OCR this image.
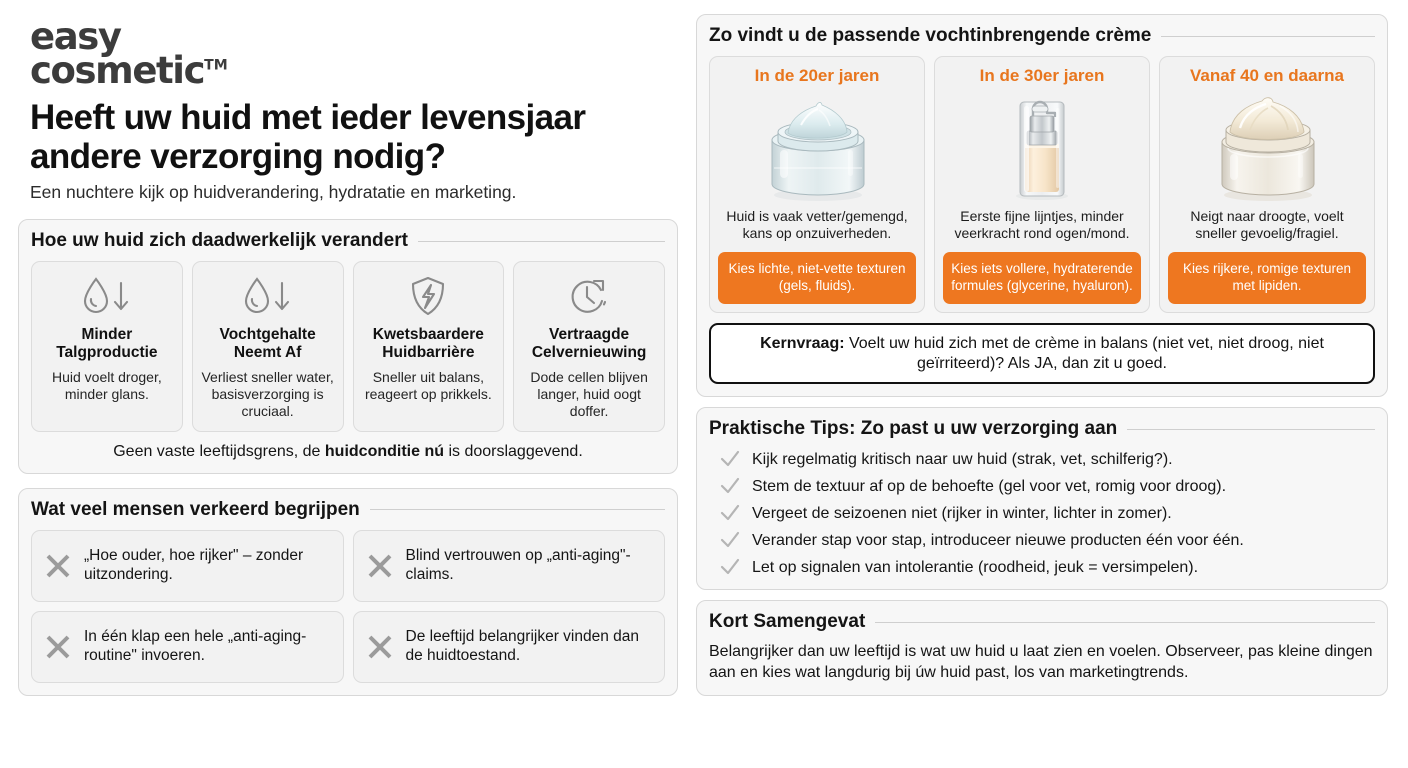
easy
cosmetic™
Heeft uw huid met ieder levensjaar andere verzorging nodig?
Een nuchtere kijk op huidverandering, hydratatie en marketing.
Hoe uw huid zich daadwerkelijk verandert
Minder Talgproductie
Huid voelt droger, minder glans.
Vochtgehalte Neemt Af
Verliest sneller water, basisverzorging is cruciaal.
Kwetsbaardere Huidbarrière
Sneller uit balans, reageert op prikkels.
Vertraagde Celvernieuwing
Dode cellen blijven langer, huid oogt doffer.
Geen vaste leeftijdsgrens, de huidconditie nú is doorslaggevend.
Wat veel mensen verkeerd begrijpen
„Hoe ouder, hoe rijker" – zonder uitzondering.
Blind vertrouwen op „anti-aging"-claims.
In één klap een hele „anti-aging-routine" invoeren.
De leeftijd belangrijker vinden dan de huidtoestand.
Zo vindt u de passende vochtinbrengende crème
In de 20er jaren
Huid is vaak vetter/gemengd, kans op onzuiverheden.
Kies lichte, niet-vette texturen (gels, fluids).
In de 30er jaren
Eerste fijne lijntjes, minder veerkracht rond ogen/mond.
Kies iets vollere, hydraterende formules (glycerine, hyaluron).
Vanaf 40 en daarna
Neigt naar droogte, voelt sneller gevoelig/fragiel.
Kies rijkere, romige texturen met lipiden.
Kernvraag: Voelt uw huid zich met de crème in balans (niet vet, niet droog, niet geïrriteerd)? Als JA, dan zit u goed.
Praktische Tips: Zo past u uw verzorging aan
Kijk regelmatig kritisch naar uw huid (strak, vet, schilferig?).
Stem de textuur af op de behoefte (gel voor vet, romig voor droog).
Vergeet de seizoenen niet (rijker in winter, lichter in zomer).
Verander stap voor stap, introduceer nieuwe producten één voor één.
Let op signalen van intolerantie (roodheid, jeuk = versimpelen).
Kort Samengevat
Belangrijker dan uw leeftijd is wat uw huid u laat zien en voelen. Observeer, pas kleine dingen aan en kies wat langdurig bij úw huid past, los van marketingtrends.
